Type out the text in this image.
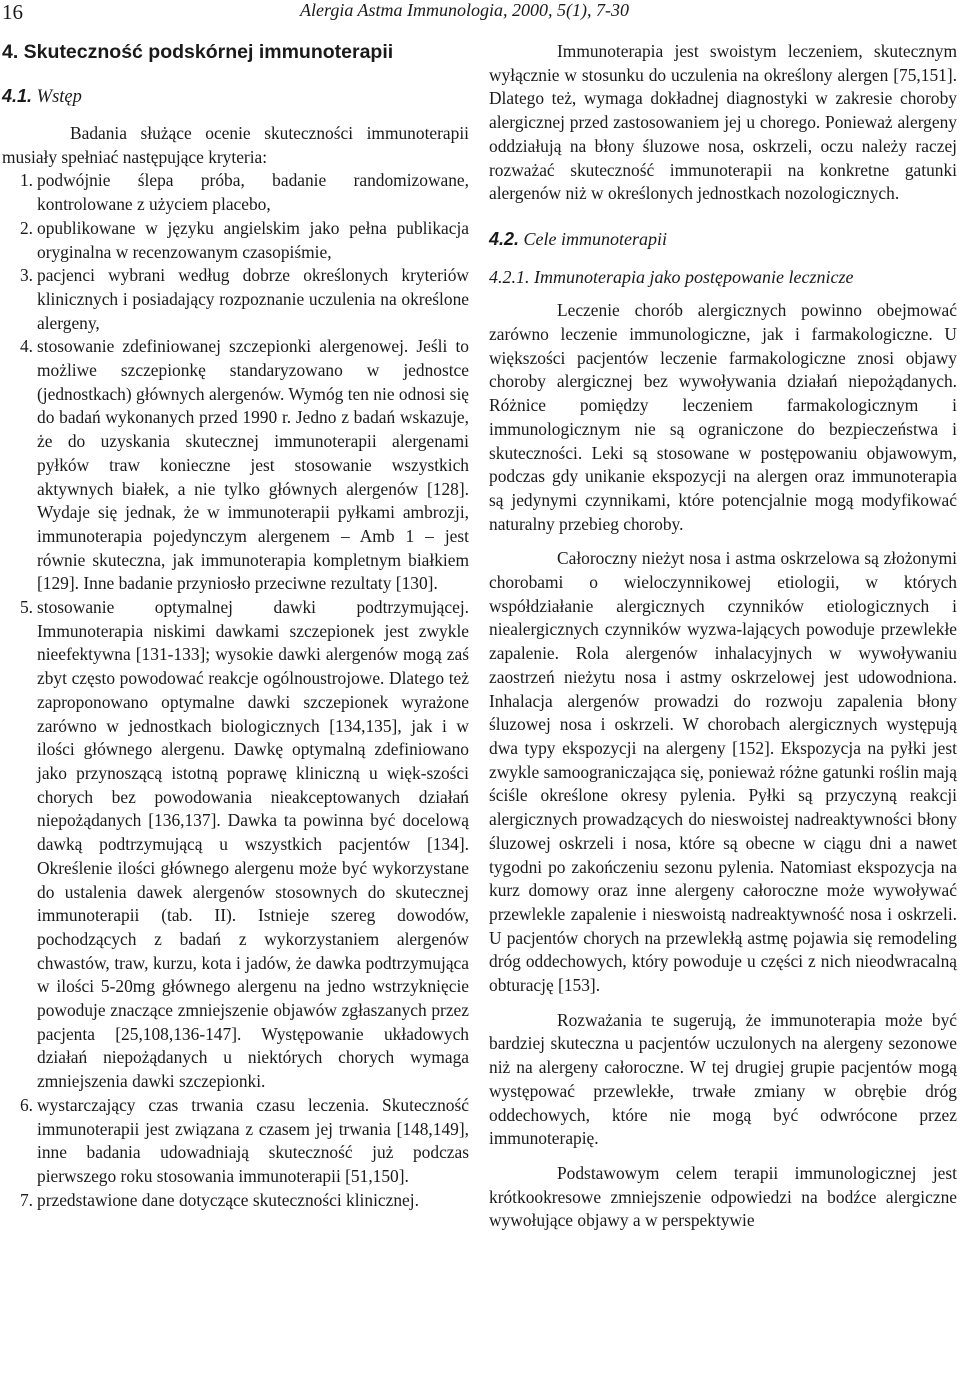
16	Alergia Astma Immunologia, 2000, 5(1), 7-30
4. Skuteczność podskórnej immunoterapii
4.1. Wstęp

Badania służące ocenie skuteczności immunoterapii musiały spełniać następujące kryteria:

1. podwójnie ślepa próba, badanie randomizowane, kontrolowane z użyciem placebo,
2. opublikowane w języku angielskim jako pełna publikacja oryginalna w recenzowanym czasopiśmie,
3. pacjenci wybrani według dobrze określonych kryteriów klinicznych i posiadający rozpoznanie uczulenia na określone alergeny,
4. stosowanie zdefiniowanej szczepionki alergenowej. Jeśli to możliwe szczepionkę standaryzowano w jednostce (jednostkach) głównych alergenów. Wymóg ten nie odnosi się do badań wykonanych przed 1990 r. Jedno z badań wskazuje, że do uzyskania skutecznej immunoterapii alergenami pyłków traw konieczne jest stosowanie wszystkich aktywnych białek, a nie tylko głównych alergenów [128]. Wydaje się jednak, że w immunoterapii pyłkami ambrozji, immunoterapia pojedynczym alergenem – Amb 1 – jest równie skuteczna, jak immunoterapia kompletnym białkiem [129]. Inne badanie przyniosło przeciwne rezultaty [130].
5. stosowanie optymalnej dawki podtrzymującej. Immunoterapia niskimi dawkami szczepionek jest zwykle nieefektywna [131-133]; wysokie dawki alergenów mogą zaś zbyt często powodować reakcje ogólnoustrojowe. Dlatego też zaproponowano optymalne dawki szczepionek wyrażone zarówno w jednostkach biologicznych [134,135], jak i w ilości głównego alergenu. Dawkę optymalną zdefiniowano jako przynoszącą istotną poprawę kliniczną u więk-szości chorych bez powodowania nieakceptowanych działań niepożądanych [136,137]. Dawka ta powinna być docelową dawką podtrzymującą u wszystkich pacjentów [134]. Określenie ilości głównego alergenu może być wykorzystane do ustalenia dawek alergenów stosownych do skutecznej immunoterapii (tab. II). Istnieje szereg dowodów, pochodzących z badań z wykorzystaniem alergenów chwastów, traw, kurzu, kota i jadów, że dawka podtrzymująca w ilości 5-20mg głównego alergenu na jedno wstrzyknięcie powoduje znaczące zmniejszenie objawów zgłaszanych przez pacjenta [25,108,136-147]. Występowanie układowych działań niepożądanych u niektórych chorych wymaga zmniejszenia dawki szczepionki.
6. wystarczający czas trwania czasu leczenia. Skuteczność immunoterapii jest związana z czasem jej trwania [148,149], inne badania udowadniają skuteczność już podczas pierwszego roku stosowania immunoterapii [51,150].
7. przedstawione dane dotyczące skuteczności klinicznej.

Immunoterapia jest swoistym leczeniem, skutecznym wyłącznie w stosunku do uczulenia na określony alergen [75,151]. Dlatego też, wymaga dokładnej diagnostyki w zakresie choroby alergicznej przed zastosowaniem jej u chorego. Ponieważ alergeny oddziałują na błony śluzowe nosa, oskrzeli, oczu należy raczej rozważać skuteczność immunoterapii na konkretne gatunki alergenów niż w określonych jednostkach nozologicznych.

4.2. Cele immunoterapii
4.2.1. Immunoterapia jako postępowanie lecznicze

Leczenie chorób alergicznych powinno obejmować zarówno leczenie immunologiczne, jak i farmakologiczne. U większości pacjentów leczenie farmakologiczne znosi objawy choroby alergicznej bez wywoływania działań niepożądanych. Różnice pomiędzy leczeniem farmakologicznym i immunologicznym nie są ograniczone do bezpieczeństwa i skuteczności. Leki są stosowane w postępowaniu objawowym, podczas gdy unikanie ekspozycji na alergen oraz immunoterapia są jedynymi czynnikami, które potencjalnie mogą modyfikować naturalny przebieg choroby.

Całoroczny nieżyt nosa i astma oskrzelowa są złożonymi chorobami o wieloczynnikowej etiologii, w których współdziałanie alergicznych czynników etiologicznych i niealergicznych czynników wyzwa-lających powoduje przewlekłe zapalenie. Rola alergenów inhalacyjnych w wywoływaniu zaostrzeń nieżytu nosa i astmy oskrzelowej jest udowodniona. Inhalacja alergenów prowadzi do rozwoju zapalenia błony śluzowej nosa i oskrzeli. W chorobach alergicznych występują dwa typy ekspozycji na alergeny [152]. Ekspozycja na pyłki jest zwykle samoograniczająca się, ponieważ różne gatunki roślin mają ściśle określone okresy pylenia. Pyłki są przyczyną reakcji alergicznych prowadzących do nieswoistej nadreaktywności błony śluzowej oskrzeli i nosa, które są obecne w ciągu dni a nawet tygodni po zakończeniu sezonu pylenia. Natomiast ekspozycja na kurz domowy oraz inne alergeny całoroczne może wywoływać przewlekle zapalenie i nieswoistą nadreaktywność nosa i oskrzeli. U pacjentów chorych na przewlekłą astmę pojawia się remodeling dróg oddechowych, który powoduje u części z nich nieodwracalną obturację [153].

Rozważania te sugerują, że immunoterapia może być bardziej skuteczna u pacjentów uczulonych na alergeny sezonowe niż na alergeny całoroczne. W tej drugiej grupie pacjentów mogą występować przewlekłe, trwałe zmiany w obrębie dróg oddechowych, które nie mogą być odwrócone przez immunoterapię.

Podstawowym celem terapii immunologicznej jest krótkookresowe zmniejszenie odpowiedzi na bodźce alergiczne wywołujące objawy a w perspektywie
